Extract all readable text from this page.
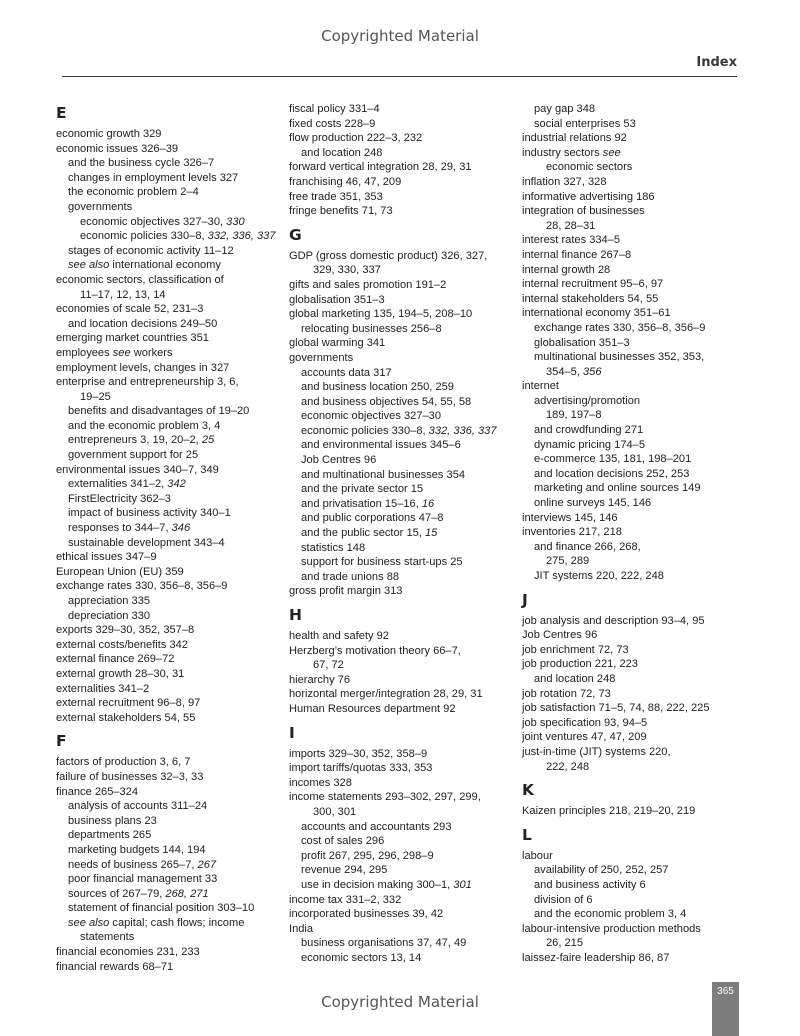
Copyrighted Material
Index
E
economic growth 329
economic issues 326–39
and the business cycle 326–7
changes in employment levels 327
the economic problem 2–4
governments
economic objectives 327–30, 330
economic policies 330–8, 332, 336, 337
stages of economic activity 11–12
see also international economy
economic sectors, classification of
11–17, 12, 13, 14
economies of scale 52, 231–3
and location decisions 249–50
emerging market countries 351
employees see workers
employment levels, changes in 327
enterprise and entrepreneurship 3, 6,
19–25
benefits and disadvantages of 19–20
and the economic problem 3, 4
entrepreneurs 3, 19, 20–2, 25
government support for 25
environmental issues 340–7, 349
externalities 341–2, 342
FirstElectricity 362–3
impact of business activity 340–1
responses to 344–7, 346
sustainable development 343–4
ethical issues 347–9
European Union (EU) 359
exchange rates 330, 356–8, 356–9
appreciation 335
depreciation 330
exports 329–30, 352, 357–8
external costs/benefits 342
external finance 269–72
external growth 28–30, 31
externalities 341–2
external recruitment 96–8, 97
external stakeholders 54, 55
F
factors of production 3, 6, 7
failure of businesses 32–3, 33
finance 265–324
analysis of accounts 311–24
business plans 23
departments 265
marketing budgets 144, 194
needs of business 265–7, 267
poor financial management 33
sources of 267–79, 268, 271
statement of financial position 303–10
see also capital; cash flows; income
statements
financial economies 231, 233
financial rewards 68–71
fiscal policy 331–4
fixed costs 228–9
flow production 222–3, 232
and location 248
forward vertical integration 28, 29, 31
franchising 46, 47, 209
free trade 351, 353
fringe benefits 71, 73
G
GDP (gross domestic product) 326, 327,
329, 330, 337
gifts and sales promotion 191–2
globalisation 351–3
global marketing 135, 194–5, 208–10
relocating businesses 256–8
global warming 341
governments
accounts data 317
and business location 250, 259
and business objectives 54, 55, 58
economic objectives 327–30
economic policies 330–8, 332, 336, 337
and environmental issues 345–6
Job Centres 96
and multinational businesses 354
and the private sector 15
and privatisation 15–16, 16
and public corporations 47–8
and the public sector 15, 15
statistics 148
support for business start-ups 25
and trade unions 88
gross profit margin 313
H
health and safety 92
Herzberg’s motivation theory 66–7,
67, 72
hierarchy 76
horizontal merger/integration 28, 29, 31
Human Resources department 92
I
imports 329–30, 352, 358–9
import tariffs/quotas 333, 353
incomes 328
income statements 293–302, 297, 299,
300, 301
accounts and accountants 293
cost of sales 296
profit 267, 295, 296, 298–9
revenue 294, 295
use in decision making 300–1, 301
income tax 331–2, 332
incorporated businesses 39, 42
India
business organisations 37, 47, 49
economic sectors 13, 14
pay gap 348
social enterprises 53
industrial relations 92
industry sectors see
economic sectors
inflation 327, 328
informative advertising 186
integration of businesses
28, 28–31
interest rates 334–5
internal finance 267–8
internal growth 28
internal recruitment 95–6, 97
internal stakeholders 54, 55
international economy 351–61
exchange rates 330, 356–8, 356–9
globalisation 351–3
multinational businesses 352, 353,
354–5, 356
internet
advertising/promotion
189, 197–8
and crowdfunding 271
dynamic pricing 174–5
e-commerce 135, 181, 198–201
and location decisions 252, 253
marketing and online sources 149
online surveys 145, 146
interviews 145, 146
inventories 217, 218
and finance 266, 268,
275, 289
JIT systems 220, 222, 248
J
job analysis and description 93–4, 95
Job Centres 96
job enrichment 72, 73
job production 221, 223
and location 248
job rotation 72, 73
job satisfaction 71–5, 74, 88, 222, 225
job specification 93, 94–5
joint ventures 47, 47, 209
just-in-time (JIT) systems 220,
222, 248
K
Kaizen principles 218, 219–20, 219
L
labour
availability of 250, 252, 257
and business activity 6
division of 6
and the economic problem 3, 4
labour-intensive production methods
26, 215
laissez-faire leadership 86, 87
Copyrighted Material
365
